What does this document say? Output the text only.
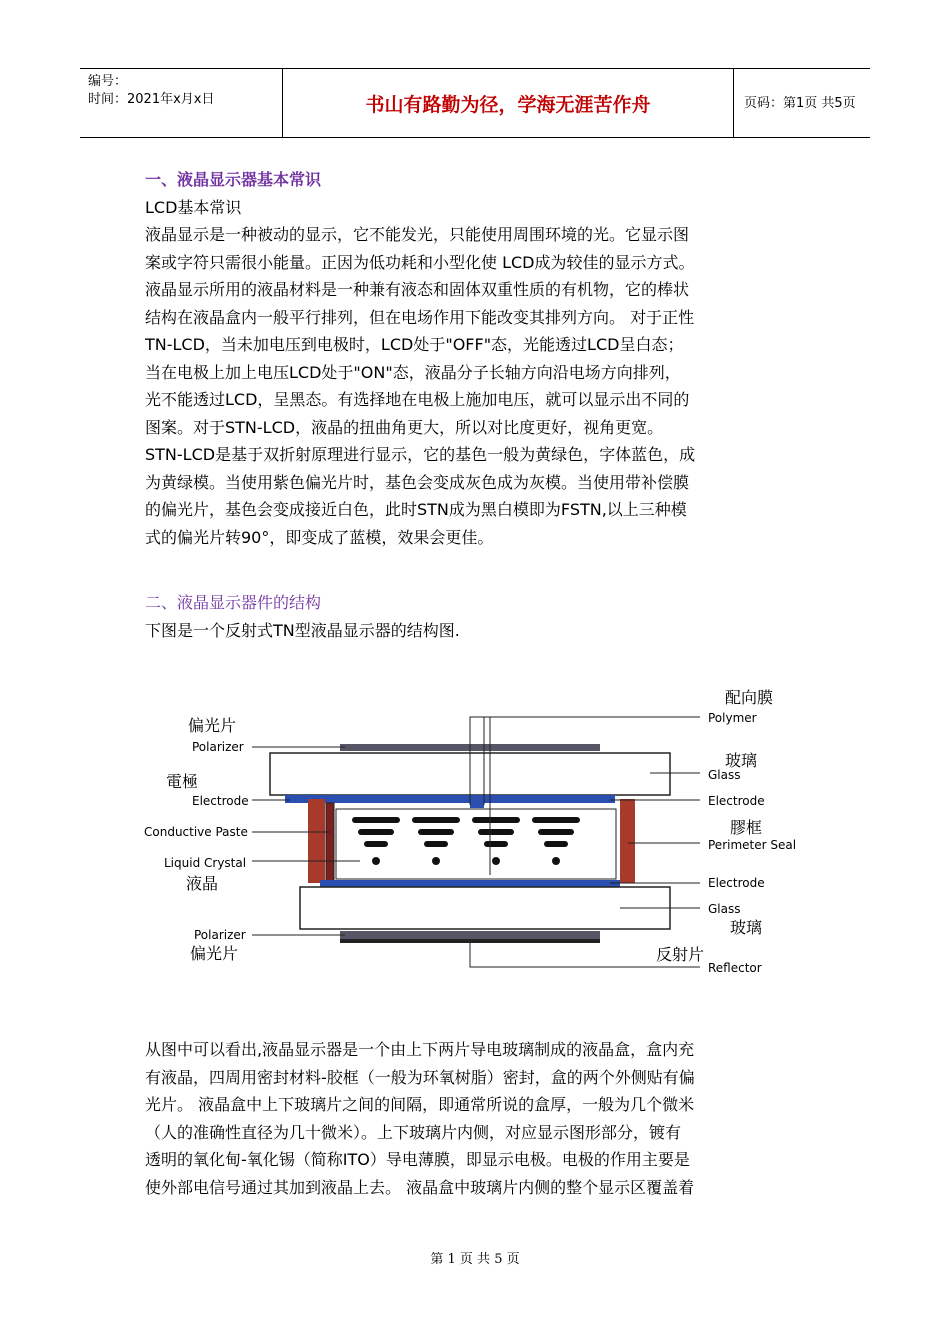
编号：
时间：2021年x月x日	书山有路勤为径，学海无涯苦作舟	页码：第1页 共5页
一、液晶显示器基本常识
LCD基本常识

液晶显示是一种被动的显示，它不能发光，只能使用周围环境的光。它显示图

案或字符只需很小能量。正因为低功耗和小型化使 LCD成为较佳的显示方式。

液晶显示所用的液晶材料是一种兼有液态和固体双重性质的有机物，它的棒状

结构在液晶盒内一般平行排列，但在电场作用下能改变其排列方向。 对于正性

TN-LCD，当未加电压到电极时，LCD处于"OFF"态，光能透过LCD呈白态；

当在电极上加上电压LCD处于"ON"态，液晶分子长轴方向沿电场方向排列，

光不能透过LCD，呈黑态。有选择地在电极上施加电压，就可以显示出不同的

图案。对于STN-LCD，液晶的扭曲角更大，所以对比度更好，视角更宽。

STN-LCD是基于双折射原理进行显示，它的基色一般为黄绿色，字体蓝色，成

为黄绿模。当使用紫色偏光片时，基色会变成灰色成为灰模。当使用带补偿膜

的偏光片，基色会变成接近白色，此时STN成为黑白模即为FSTN,以上三种模

式的偏光片转90°，即变成了蓝模，效果会更佳。

二、液晶显示器件的结构

下图是一个反射式TN型液晶显示器的结构图.

偏光片
Polarizer
電極
Electrode
Conductive Paste
Liquid Crystal
液晶
Polarizer
偏光片
配向膜
Polymer
玻璃
Glass
Electrode
膠框
Perimeter Seal
Electrode
Glass
玻璃
反射片
Reflector

从图中可以看出,液晶显示器是一个由上下两片导电玻璃制成的液晶盒，盒内充

有液晶，四周用密封材料-胶框（一般为环氧树脂）密封，盒的两个外侧贴有偏

光片。 液晶盒中上下玻璃片之间的间隔，即通常所说的盒厚，一般为几个微米

（人的准确性直径为几十微米）。上下玻璃片内侧，对应显示图形部分，镀有

透明的氧化甸-氧化锡（简称ITO）导电薄膜，即显示电极。电极的作用主要是

使外部电信号通过其加到液晶上去。 液晶盒中玻璃片内侧的整个显示区覆盖着

第 1 页 共 5 页
